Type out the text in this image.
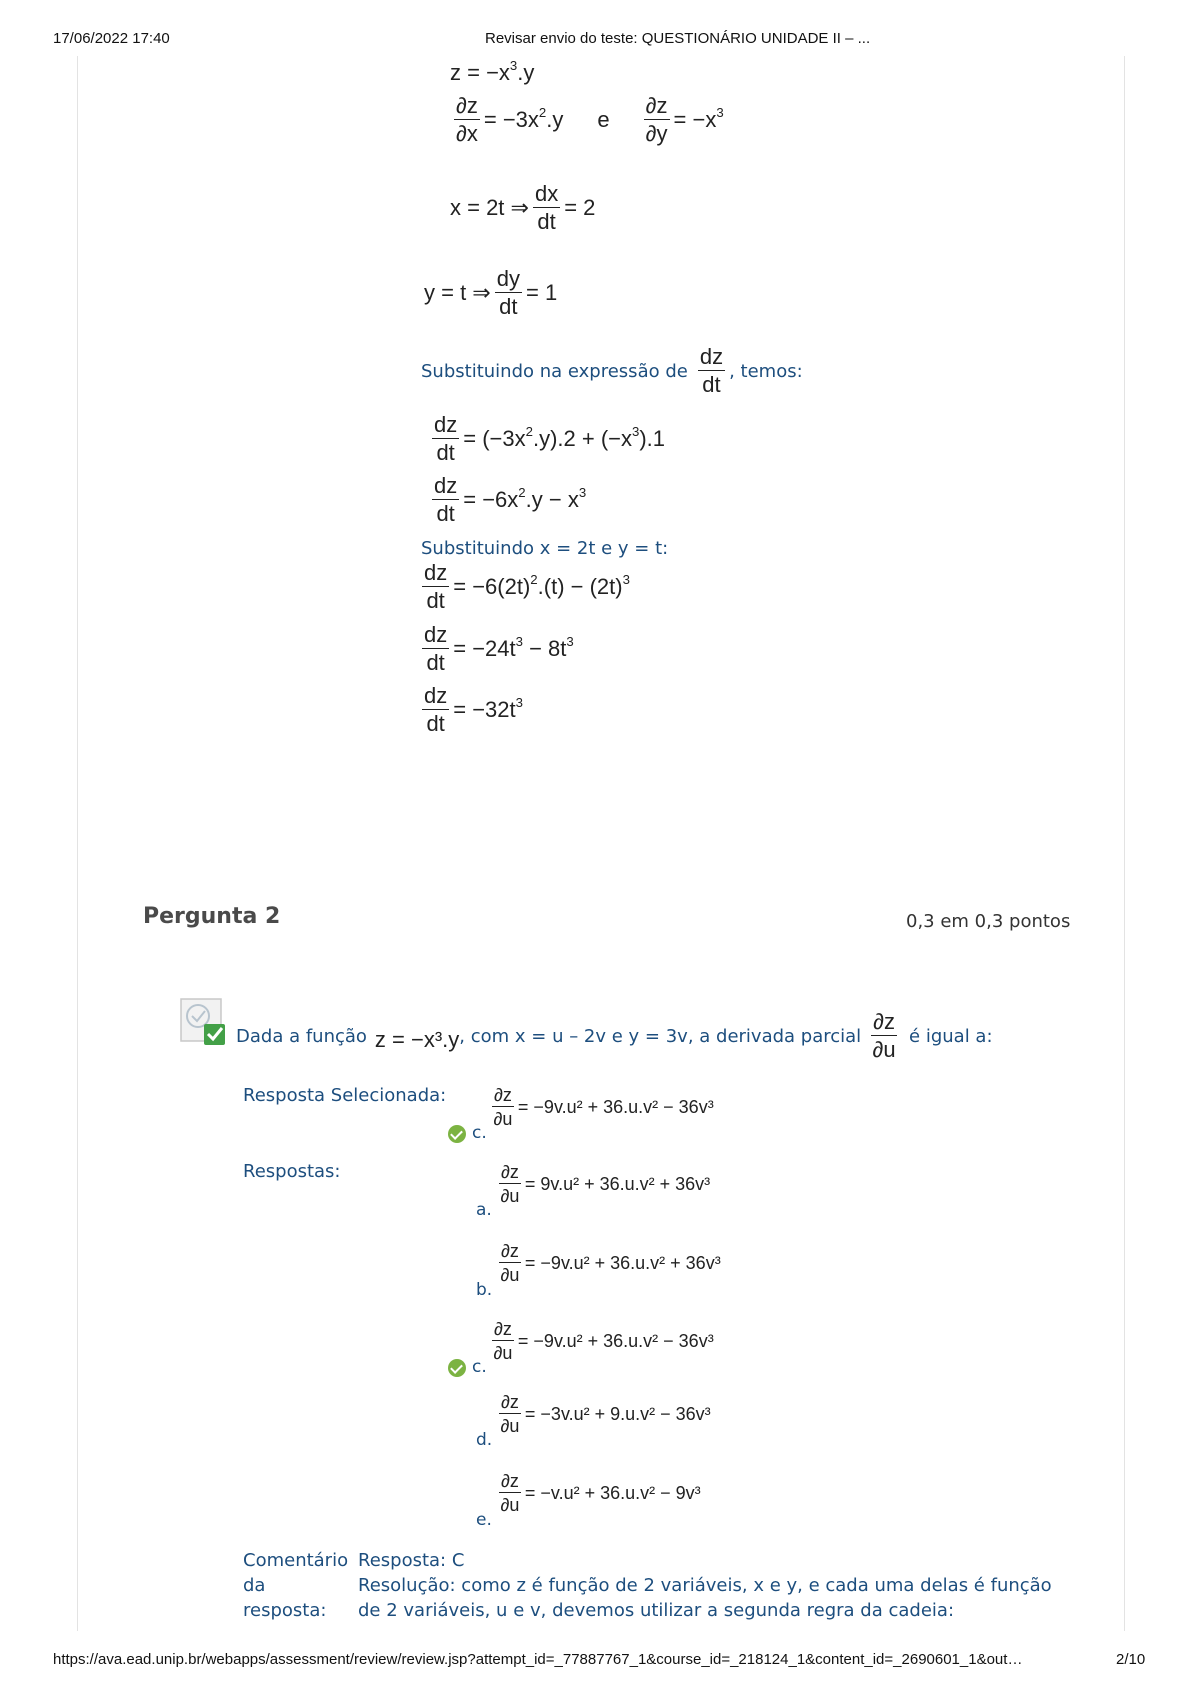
17/06/2022 17:40	Revisar envio do teste: QUESTIONÁRIO UNIDADE II – ...
$z = -x^3.y$
$\frac{\partial z}{\partial x} = -3x^2.y$ e $\frac{\partial z}{\partial y} = -x^3$
x = 2t ⇒ $\frac{dx}{dt} = 2$
y = t ⇒ $\frac{dy}{dt} = 1$
Substituindo na expressão de $\frac{dz}{dt}$ , temos:
$\frac{dz}{dt} = (-3x^2.y).2 + (-x^3).1$
$\frac{dz}{dt} = -6x^2.y - x^3$
Substituindo x = 2t e y = t:
$\frac{dz}{dt} = -6(2t)^2.(t) - (2t)^3$
$\frac{dz}{dt} = -24t^3 - 8t^3$
$\frac{dz}{dt} = -32t^3$
Pergunta 2	0,3 em 0,3 pontos
Dada a função z = −x³.y , com x = u – 2v e y = 3v, a derivada parcial $\frac{\partial z}{\partial u}$ é igual a:
Resposta Selecionada:
c.
$\frac{\partial z}{\partial u} = -9v.u^2 + 36.u.v^2 - 36v^3$
Respostas:
a.
$\frac{\partial z}{\partial u} = 9v.u^2 + 36.u.v^2 + 36v^3$
b.
$\frac{\partial z}{\partial u} = -9v.u^2 + 36.u.v^2 + 36v^3$
c.
$\frac{\partial z}{\partial u} = -9v.u^2 + 36.u.v^2 - 36v^3$
d.
$\frac{\partial z}{\partial u} = -3v.u^2 + 9.u.v^2 - 36v^3$
e.
$\frac{\partial z}{\partial u} = -v.u^2 + 36.u.v^2 - 9v^3$
Comentário
da
resposta:
Resposta: C
Resolução: como z é função de 2 variáveis, x e y, e cada uma delas é função
de 2 variáveis, u e v, devemos utilizar a segunda regra da cadeia:
https://ava.ead.unip.br/webapps/assessment/review/review.jsp?attempt_id=_77887767_1&course_id=_218124_1&content_id=_2690601_1&out…	2/10
